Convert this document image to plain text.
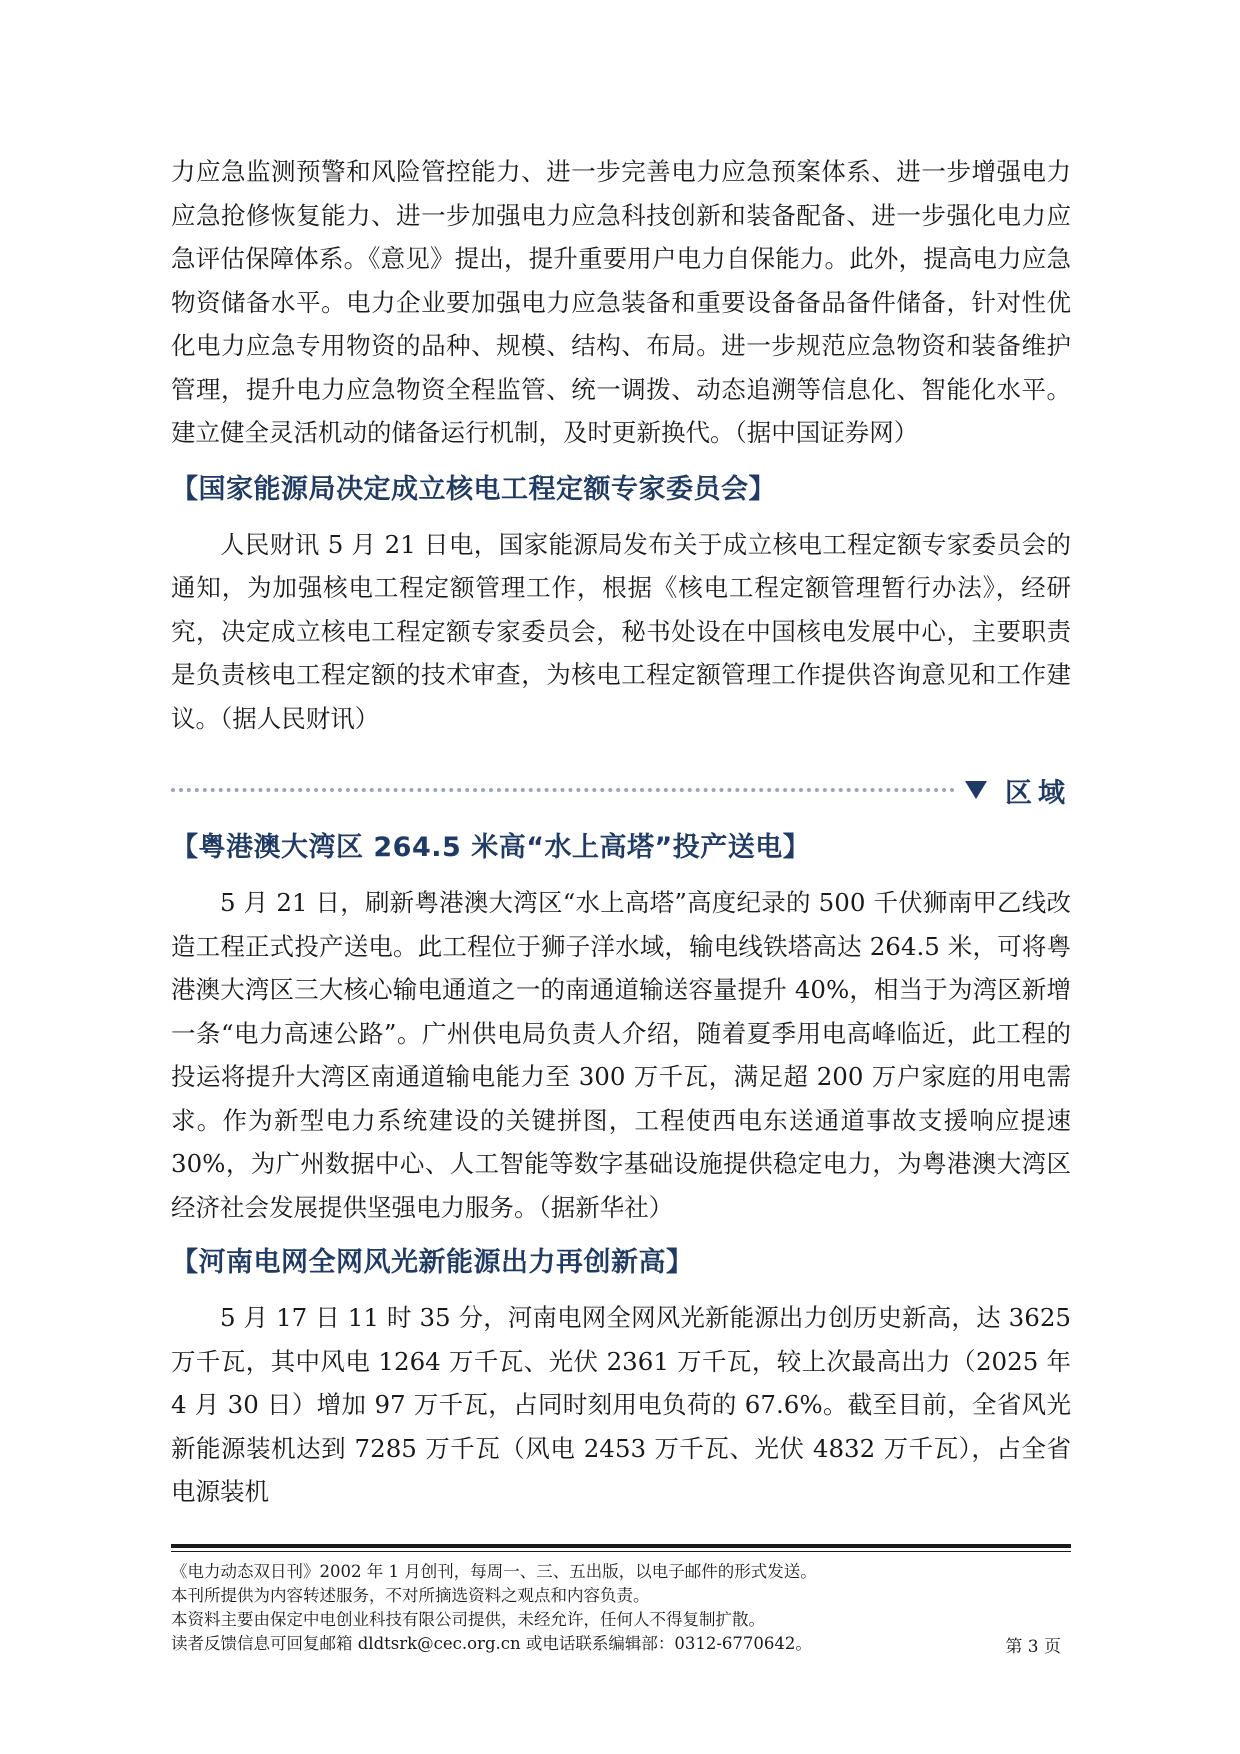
力应急监测预警和风险管控能力、进一步完善电力应急预案体系、进一步增强电力应急抢修恢复能力、进一步加强电力应急科技创新和装备配备、进一步强化电力应急评估保障体系。《意见》提出，提升重要用户电力自保能力。此外，提高电力应急物资储备水平。电力企业要加强电力应急装备和重要设备备品备件储备，针对性优化电力应急专用物资的品种、规模、结构、布局。进一步规范应急物资和装备维护管理，提升电力应急物资全程监管、统一调拨、动态追溯等信息化、智能化水平。建立健全灵活机动的储备运行机制，及时更新换代。（据中国证券网）

【国家能源局决定成立核电工程定额专家委员会】

人民财讯 5 月 21 日电，国家能源局发布关于成立核电工程定额专家委员会的通知，为加强核电工程定额管理工作，根据《核电工程定额管理暂行办法》，经研究，决定成立核电工程定额专家委员会，秘书处设在中国核电发展中心，主要职责是负责核电工程定额的技术审查，为核电工程定额管理工作提供咨询意见和工作建议。（据人民财讯）

区域
【粤港澳大湾区 264.5 米高“水上高塔”投产送电】

5 月 21 日，刷新粤港澳大湾区“水上高塔”高度纪录的 500 千伏狮南甲乙线改造工程正式投产送电。此工程位于狮子洋水域，输电线铁塔高达 264.5 米，可将粤港澳大湾区三大核心输电通道之一的南通道输送容量提升 40%，相当于为湾区新增一条“电力高速公路”。广州供电局负责人介绍，随着夏季用电高峰临近，此工程的投运将提升大湾区南通道输电能力至 300 万千瓦，满足超 200 万户家庭的用电需求。作为新型电力系统建设的关键拼图，工程使西电东送通道事故支援响应提速 30%，为广州数据中心、人工智能等数字基础设施提供稳定电力，为粤港澳大湾区经济社会发展提供坚强电力服务。（据新华社）

【河南电网全网风光新能源出力再创新高】

5 月 17 日 11 时 35 分，河南电网全网风光新能源出力创历史新高，达 3625 万千瓦，其中风电 1264 万千瓦、光伏 2361 万千瓦，较上次最高出力（2025 年 4 月 30 日）增加 97 万千瓦，占同时刻用电负荷的 67.6%。截至目前，全省风光新能源装机达到 7285 万千瓦（风电 2453 万千瓦、光伏 4832 万千瓦），占全省电源装机

《电力动态双日刊》2002 年 1 月创刊，每周一、三、五出版，以电子邮件的形式发送。

本刊所提供为内容转述服务，不对所摘选资料之观点和内容负责。

本资料主要由保定中电创业科技有限公司提供，未经允许，任何人不得复制扩散。

读者反馈信息可回复邮箱 dldtsrk@cec.org.cn 或电话联系编辑部：0312-6770642。	第 3 页
